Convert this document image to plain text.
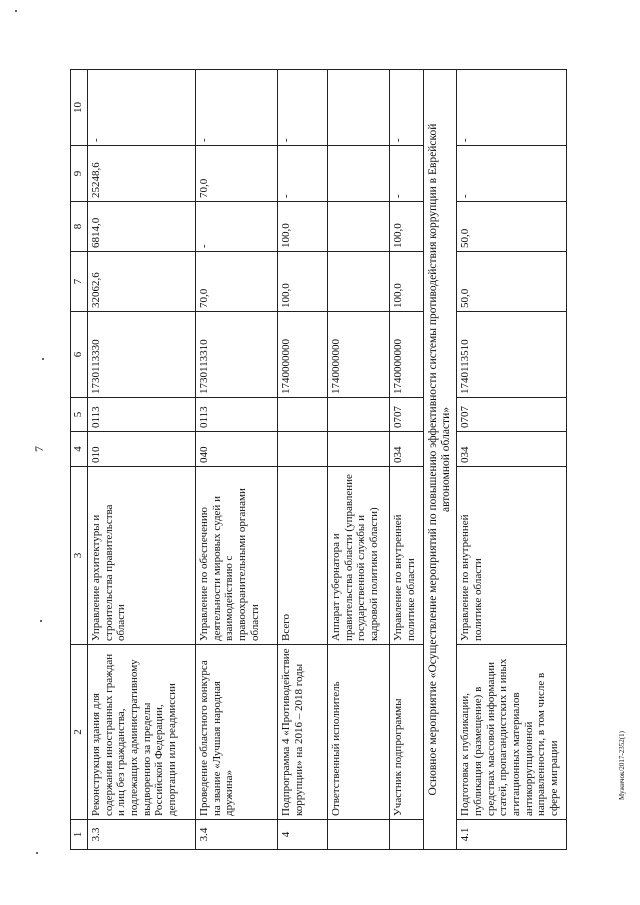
7
1	2	3	4	5	6	7	8	9	10
3.3	Реконструкция здания для содержания иностранных граждан и лиц без гражданства, подлежащих административному выдворению за пределы Российской Федерации, депортации или реадмиссии	Управление архитектуры и строительства правительства области	010	0113	1730113330	32062,6	6814,0	25248,6	-
3.4	Проведение областного конкурса на звание «Лучшая народная дружина»	Управление по обеспечению деятельности мировых судей и взаимодействию с правоохранительными органами области	040	0113	1730113310	70,0	-	70,0	-
4	Подпрограмма 4 «Противодействие коррупции» на 2016 – 2018 годы	Всего			1740000000	100,0	100,0	-	-
	Ответственный исполнитель	Аппарат губернатора и правительства области (управление государственной службы и кадровой политики области)			1740000000				
	Участник подпрограммы	Управление по внутренней политике области	034	0707	1740000000	100,0	100,0	-	-
Основное мероприятие «Осуществление мероприятий по повышению эффективности системы противодействия коррупции в Еврейской автономной области»									
4.1	Подготовка к публикации, публикация (размещение) в средствах массовой информации статей, пропагандистских и иных агитационных материалов антикоррупционной направленности, в том числе в сфере миграции	Управление по внутренней политике области	034	0707	1740113510	50,0	50,0	-	-
Мужичок/2017-2352(1)
